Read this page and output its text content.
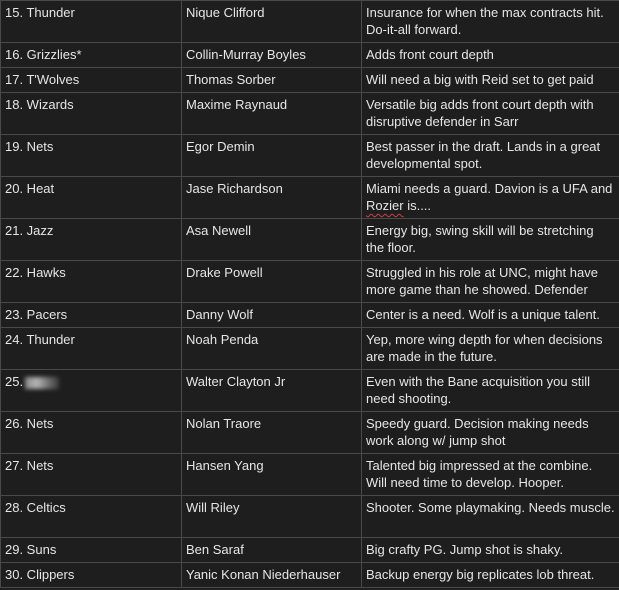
15. Thunder	Nique Clifford	Insurance for when the max contracts hit. Do-it-all forward.
16. Grizzlies*	Collin-Murray Boyles	Adds front court depth
17. T'Wolves	Thomas Sorber	Will need a big with Reid set to get paid
18. Wizards	Maxime Raynaud	Versatile big adds front court depth with disruptive defender in Sarr
19. Nets	Egor Demin	Best passer in the draft. Lands in a great developmental spot.
20. Heat	Jase Richardson	Miami needs a guard. Davion is a UFA and Rozier is....
21. Jazz	Asa Newell	Energy big, swing skill will be stretching the floor.
22. Hawks	Drake Powell	Struggled in his role at UNC, might have more game than he showed. Defender
23. Pacers	Danny Wolf	Center is a need. Wolf is a unique talent.
24. Thunder	Noah Penda	Yep, more wing depth for when decisions are made in the future.
25.	Walter Clayton Jr	Even with the Bane acquisition you still need shooting.
26. Nets	Nolan Traore	Speedy guard. Decision making needs work along w/ jump shot
27. Nets	Hansen Yang	Talented big impressed at the combine. Will need time to develop. Hooper.
28. Celtics	Will Riley	Shooter. Some playmaking. Needs muscle.
29. Suns	Ben Saraf	Big crafty PG. Jump shot is shaky.
30. Clippers	Yanic Konan Niederhauser	Backup energy big replicates lob threat.
